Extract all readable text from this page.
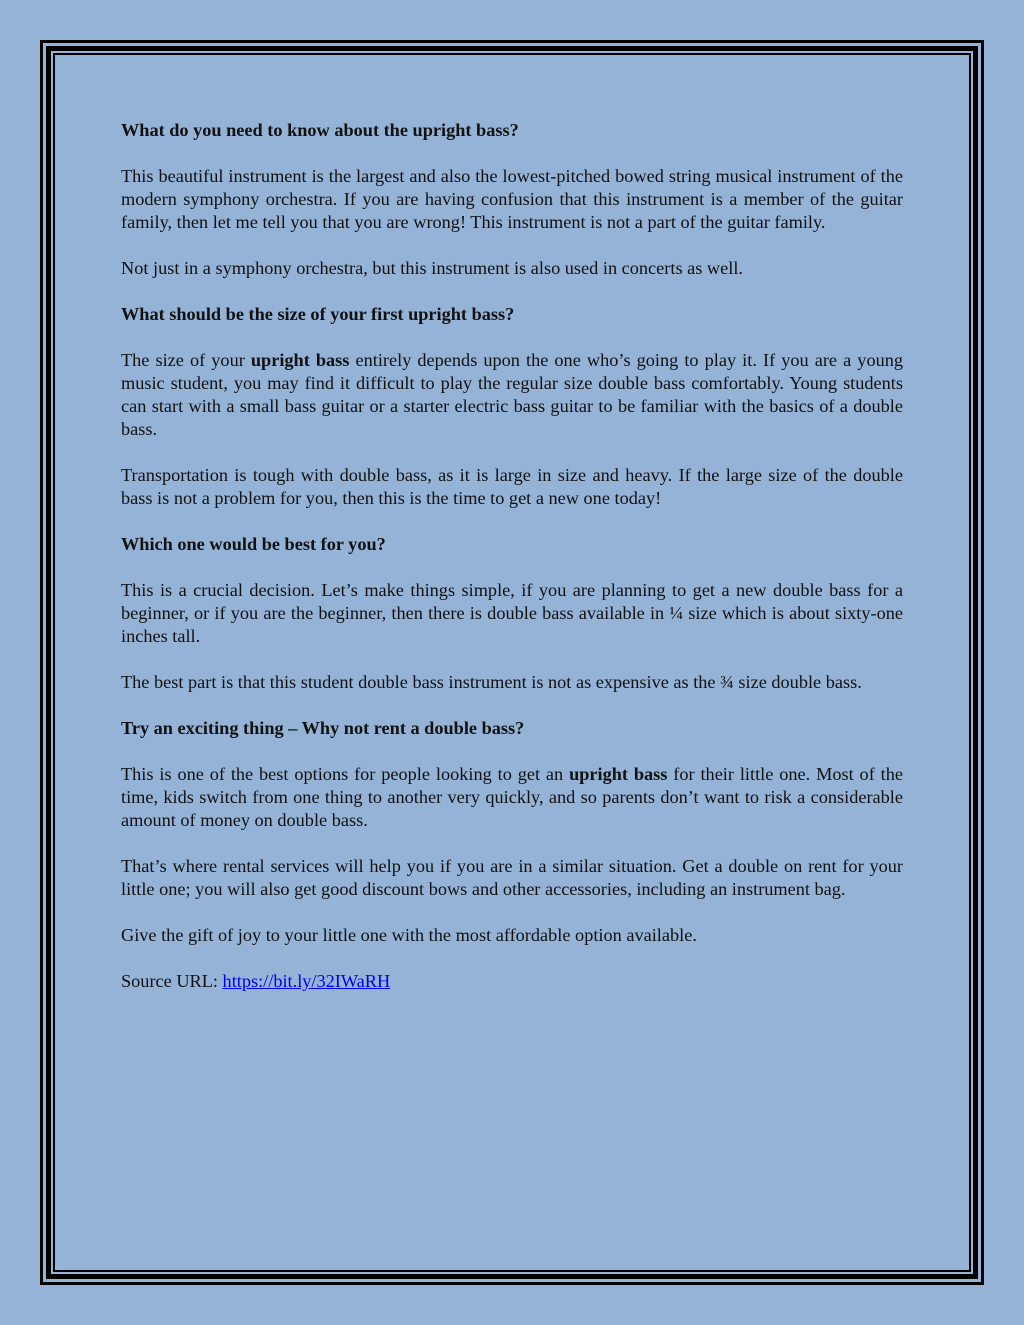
What do you need to know about the upright bass?

This beautiful instrument is the largest and also the lowest-pitched bowed string musical instrument of the modern symphony orchestra. If you are having confusion that this instrument is a member of the guitar family, then let me tell you that you are wrong! This instrument is not a part of the guitar family.

Not just in a symphony orchestra, but this instrument is also used in concerts as well.

What should be the size of your first upright bass?

The size of your upright bass entirely depends upon the one who’s going to play it. If you are a young music student, you may find it difficult to play the regular size double bass comfortably. Young students can start with a small bass guitar or a starter electric bass guitar to be familiar with the basics of a double bass.

Transportation is tough with double bass, as it is large in size and heavy. If the large size of the double bass is not a problem for you, then this is the time to get a new one today!

Which one would be best for you?

This is a crucial decision. Let’s make things simple, if you are planning to get a new double bass for a beginner, or if you are the beginner, then there is double bass available in ¼ size which is about sixty-one inches tall.

The best part is that this student double bass instrument is not as expensive as the ¾ size double bass.

Try an exciting thing – Why not rent a double bass?

This is one of the best options for people looking to get an upright bass for their little one. Most of the time, kids switch from one thing to another very quickly, and so parents don’t want to risk a considerable amount of money on double bass.

That’s where rental services will help you if you are in a similar situation. Get a double on rent for your little one; you will also get good discount bows and other accessories, including an instrument bag.

Give the gift of joy to your little one with the most affordable option available.

Source URL: https://bit.ly/32IWaRH
